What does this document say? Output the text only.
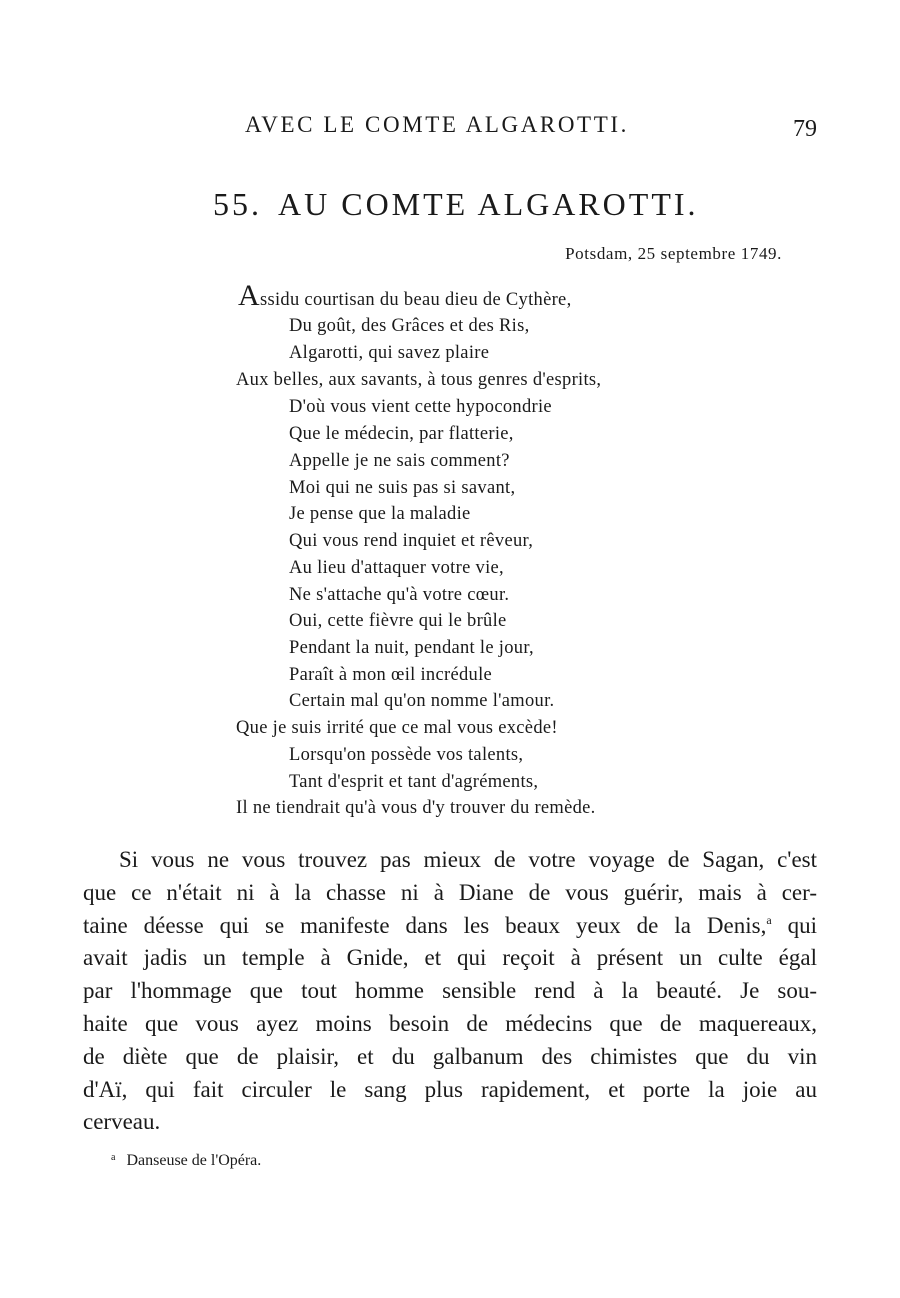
AVEC LE COMTE ALGAROTTI.	79
55. AU COMTE ALGAROTTI.
Potsdam, 25 septembre 1749.
Assidu courtisan du beau dieu de Cythère,
Du goût, des Grâces et des Ris,
Algarotti, qui savez plaire
Aux belles, aux savants, à tous genres d'esprits,
D'où vous vient cette hypocondrie
Que le médecin, par flatterie,
Appelle je ne sais comment?
Moi qui ne suis pas si savant,
Je pense que la maladie
Qui vous rend inquiet et rêveur,
Au lieu d'attaquer votre vie,
Ne s'attache qu'à votre cœur.
Oui, cette fièvre qui le brûle
Pendant la nuit, pendant le jour,
Paraît à mon œil incrédule
Certain mal qu'on nomme l'amour.
Que je suis irrité que ce mal vous excède!
Lorsqu'on possède vos talents,
Tant d'esprit et tant d'agréments,
Il ne tiendrait qu'à vous d'y trouver du remède.
Si vous ne vous trouvez pas mieux de votre voyage de Sagan, c'est
que ce n'était ni à la chasse ni à Diane de vous guérir, mais à cer-
taine déesse qui se manifeste dans les beaux yeux de la Denis,$^a$ qui
avait jadis un temple à Gnide, et qui reçoit à présent un culte égal
par l'hommage que tout homme sensible rend à la beauté. Je sou-
haite que vous ayez moins besoin de médecins que de maquereaux,
de diète que de plaisir, et du galbanum des chimistes que du vin
d'Aï, qui fait circuler le sang plus rapidement, et porte la joie au
cerveau.
$^a$ Danseuse de l'Opéra.
